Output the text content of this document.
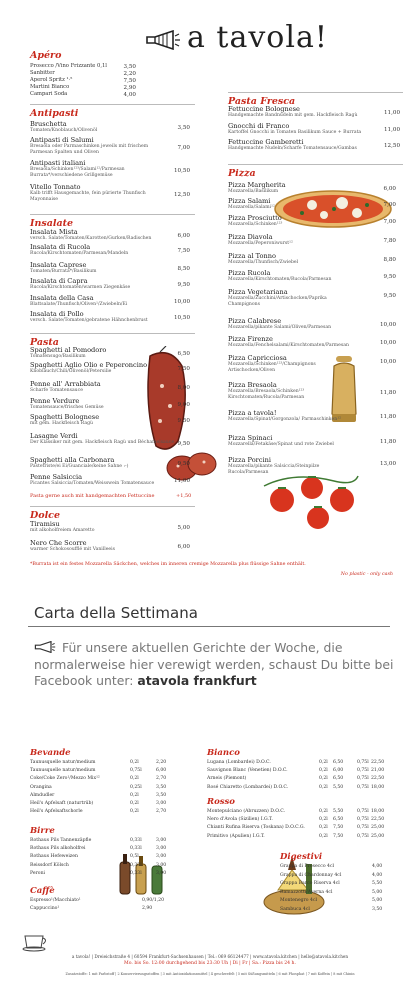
a tavola!
*Burrata ist ein festes Mozzarella Säckchen, welches im inneren cremige Mozzarella plus flüssige Sahne enthält.
No plastic - only cash
Carta della Settimana
Für unsere aktuellen Gerichte der Woche, die normalerweise hier verewigt werden, schaust Du bitte bei Facebook unter: atavola frankfurt
a tavola! | Dreieichstraße 4 | 60594 Frankfurt-Sachsenhausen | Tel.: 069 66124477 | www.atavola.kitchen | hello@atavola.kitchen
Mo. bis So. 12:00 durchgehend bis 23:30 Uh | Di | Fr | Sa.: Pizza bis 24 h.
Zusatzstoffe: 1 mit Farbstoff | 2 Konservierungsstoffen | 3 mit Antioxidationsmittel | 4 geschwefelt | 5 mit Süßungsmitteln | 6 mit Phosphat | 7 mit Koffein | 8 mit Chinin
Apéro
Prosecco /Vino Frizzante 0,1l	3,50
Sanbitter	2,20
Aperol Spritz ¹·⁵	7,50
Martini Bianco	2,90
Campari Soda	4,00
Antipasti
Bruschetta
Tomaten/Knoblauch/Olivenöl	3,50
Antipasti di Salumi
Bresaola oder Parmaschinken jeweils mit frischem Parmesan Spalten und Oliven
7,00
Antipasti italiani
Bresaola/Schinken¹²³/Salami¹²/Parmesan Burrata*/verschiedene Grillgemüse
10,50
Vitello Tonnato
Kalb trifft Hausgemachte, fein pürierte Thunfisch Mayonnaise
12,50
Insalate
Insalata Mista
versch. Salate/Tomaten/Karotten/Gurken/Radischen	6,00
Insalata di Rucola
Rucola/Kirschtomaten/Parmesan/Mandeln	7,50
Insalata Caprese
Tomaten/Burrata*/Basilikum	8,50
Insalata di Capra
Rucola/Kirschtomaten/warmen Ziegenkäse	9,50
Insalata della Casa
Blattsalate/Thunfisch/Oliven¹/Zwiebeln/Ei	10,00
Insalata di Pollo
versch. Salate/Tomaten/gebratene Hähnchenbrust	10,50
Pasta
Spaghetti al Pomodoro
Tomatensugo/Basilikum	6,50
Spaghetti Aglio Olio e Peperoncino
Knoblauch/Chili/Olivenöl/Petersilie	7,50
Penne all' Arrabbiata
Scharfe Tomatensauce	8,00
Penne Verdure
Tomatensauce/frisches Gemüse	9,00
Spaghetti Bolognese
mit gem. Hackfleisch Ragù	9,50
Lasagne Verdi
Der Klassiker mit gem. Hackfleisch Ragù und Béchamelsauce 9,50
Spaghetti alla Carbonara
Pastetriste/ei Ei/Guanciale/keine Sahne :-)	9,50
Penne Salsiccia
Picantes Salsiccia/Tomaten/Weisswein Tomatensauce	11,00
Pasta gerne auch mit handgemachten Fettuccine	+1,50
Dolce
Tiramisu
mit alkoholfreiem Amaretto	5,00
Nero Che Scorre
warmer Schokosoufflé mit Vanilleeis	6,00
Pasta Fresca
Fettuccine Bolognese
Handgemachte Bandnudeln mit gem. Hackfleisch Ragù	11,00
Gnocchi di Franco
Kartoffel Gnocchi in Tomaten Basilikum Sauce + Burrata	11,00
Fettuccine Gamberetti
Handgemachte Nudeln/Scharfe Tomatensauce/Gambas	12,50
Pizza
Pizza Margherita
Mozzarella/Basilikum	6,00
Pizza Salami
Mozzarella/Salami¹²	7,00
Pizza Prosciutto
Mozzarella/Schinken¹²³	7,00
Pizza Diavola
Mozzarella/Peperoniwurst¹²	7,80
Pizza al Tonno
Mozzarella/Thunfisch/Zwiebel	8,80
Pizza Rucola
Mozzarella/Kirschtomaten/Rucola/Parmesan	9,50
Pizza Vegetariana
Mozzarella/Zucchini/Artischocken/Paprika Champignons
9,50
Pizza Calabrese
Mozzarella/pikante Salami/Oliven/Parmesan	10,00
Pizza Firenze
Mozzarella/Fenchelsalami/Kirschtomaten/Parmesan	10,00
Pizza Capricciosa
Mozzarella/Schinken¹²³/Champignons Artischocken/Oliven
10,00
Pizza Bresaola
Mozzarella/Bresaola/Schinken¹²³ Kirschtomaten/Rucola/Parmesan
11,80
Pizza a tavola!
Mozzarella/Spinat/Gorgonzola/ Parmaschinken¹²	11,80
Pizza Spinaci
Mozzarella/Fetakäse/Spinat und rote Zwiebel	11,80
Pizza Porcini
Mozzarella/pikante Salsiccia/Steinpilze Rucola/Parmesan
13,00
Bevande
Taunusquelle natur/medium	0,2l	2,20
Taunusquelle natur/medium	0,75l	6,00
Coke/Coke Zero¹/Mezzo Mix¹²	0,2l	2,70
Orangina	0,25l	3,50
Almdudler	0,2l	3,50
Heil's Apfelsaft (naturtrüb)	0,2l	3,00
Heil's Apfelsaftschorle	0,2l	2,70
Birre
Rothaus Pils Tannenzäpfle	0,33l	3,00
Rothaus Pils alkoholfrei	0,33l	3,00
Rothaus Hefeweizen	0,5l	3,00
Reissdorf Kölsch	0,33l	3,00
Peroni	0,33l	3,00
Caffè
Espresso¹/Macchiato¹	0,90/1,20
Cappuccino¹	2,90
Bianco
Lugana (Lombardei) D.O.C.	0,2l 6,50	0,75l 22,50
Sauvignon Blanc (Venetien) D.O.C.	0,2l 6,00	0,75l 21,00
Arneis (Piemont)	0,2l 6,50	0,75l 22,50
Rosé Chiaretto (Lombardei) D.O.C.	0,2l 5,50	0,75l 18,00
Rosso
Montepulciano (Abruzzen) D.O.C.	0,2l 5,50	0,75l 18,00
Nero d'Avola (Sizilien) I.G.T.	0,2l 6,50	0,75l 22,50
Chianti Rufina Riserva (Toskana) D.O.C.G.	0,2l 7,50	0,75l 25,00
Primitivo (Apulien) I.G.T.	0,2l 7,50	0,75l 25,00
Digestivi
Grappa di Prosecco 4cl	4,00
Grappa di Chardonnay 4cl	4,00
Grappa Barco Riserva 4cl	5,50
Ramazzotti/Averna 4cl	5,00
Montenegro 4cl	5,00
Sambuca 4cl	3,50
